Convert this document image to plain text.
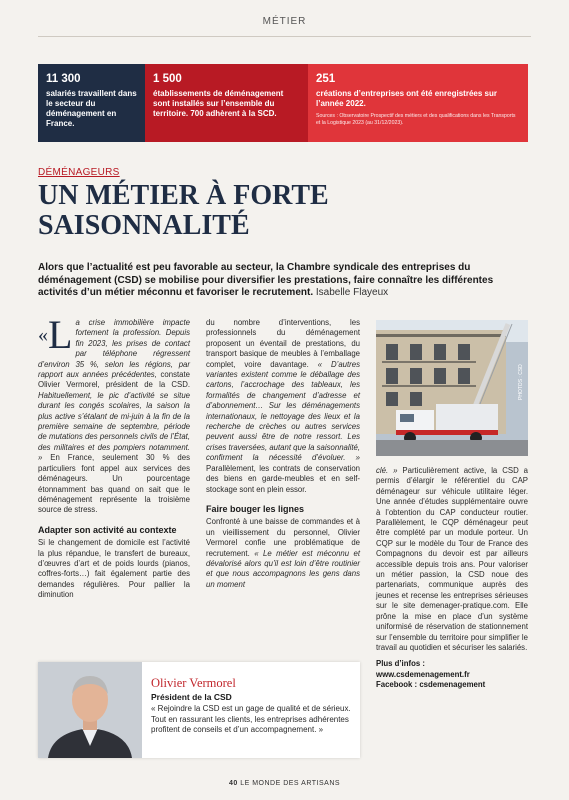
MÉTIER
11 300
salariés travaillent dans le secteur du déménagement en France.
1 500
établissements de déménagement sont installés sur l’ensemble du territoire. 700 adhèrent à la SCD.
251
créations d’entreprises ont été enregistrées sur l’année 2022.
Sources : Observatoire Prospectif des métiers et des qualifications dans les Transports et la Logistique 2023 (au 31/12/2023).
DÉMÉNAGEURS
UN MÉTIER À FORTE SAISONNALITÉ
Alors que l’actualité est peu favorable au secteur, la Chambre syndicale des entreprises du déménagement (CSD) se mobilise pour diversifier les prestations, faire connaître les différentes activités d’un métier méconnu et favoriser le recrutement. Isabelle Flayeux
«L a crise immobilière impacte fortement la profession. Depuis fin 2023, les prises de contact par téléphone régressent d’environ 35 %, selon les régions, par rapport aux années précédentes, constate Olivier Vermorel, président de la CSD. Habituellement, le pic d’activité se situe durant les congés scolaires, la saison la plus active s’étalant de mi-juin à la fin de la première semaine de septembre, période de mutations des personnels civils de l’État, des militaires et des pompiers notamment. » En France, seulement 30 % des particuliers font appel aux services des déménageurs. Un pourcentage étonnamment bas quand on sait que le déménagement représente la troisième source de stress.
Adapter son activité au contexte
Si le changement de domicile est l’activité la plus répandue, le transfert de bureaux, d’œuvres d’art et de poids lourds (pianos, coffres-forts…) fait également partie des demandes régulières. Pour pallier la diminution
du nombre d’interventions, les professionnels du déménagement proposent un éventail de prestations, du transport basique de meubles à l’emballage complet, voire davantage. « D’autres variantes existent comme le déballage des cartons, l’accrochage des tableaux, les formalités de changement d’adresse et d’abonnement… Sur les déménagements internationaux, le nettoyage des lieux et la recherche de crèches ou autres services peuvent aussi être de notre ressort. Les crises traversées, autant que la saisonnalité, confirment la nécessité d’évoluer. » Parallèlement, les contrats de conservation des biens en garde-meubles et en self-stockage sont en plein essor.
Faire bouger les lignes
Confronté à une baisse de commandes et à un vieillissement du personnel, Olivier Vermorel confie une problématique de recrutement. « Le métier est méconnu et dévalorisé alors qu’il est loin d’être routinier et que nous accompagnons les gens dans un moment
PHOTOS : CSD
clé. » Particulièrement active, la CSD a permis d’élargir le référentiel du CAP déménageur sur véhicule utilitaire léger. Une année d’études supplémentaire ouvre à l’obtention du CAP conducteur routier. Parallèlement, le CQP déménageur peut être complété par un module porteur. Un CQP sur le modèle du Tour de France des Compagnons du devoir est par ailleurs accessible depuis trois ans. Pour valoriser un métier passion, la CSD noue des partenariats, communique auprès des jeunes et recense les entreprises sérieuses sur le site demenager-pratique.com. Elle prône la mise en place d’un système uniformisé de réservation de stationnement sur l’ensemble du territoire pour simplifier le travail au quotidien et sécuriser les salariés.
Plus d’infos :
www.csdemenagement.fr
Facebook : csdemenagement
Olivier Vermorel
Président de la CSD
« Rejoindre la CSD est un gage de qualité et de sérieux. Tout en rassurant les clients, les entreprises adhérentes profitent de conseils et d’un accompagnement. »
40 LE MONDE DES ARTISANS
